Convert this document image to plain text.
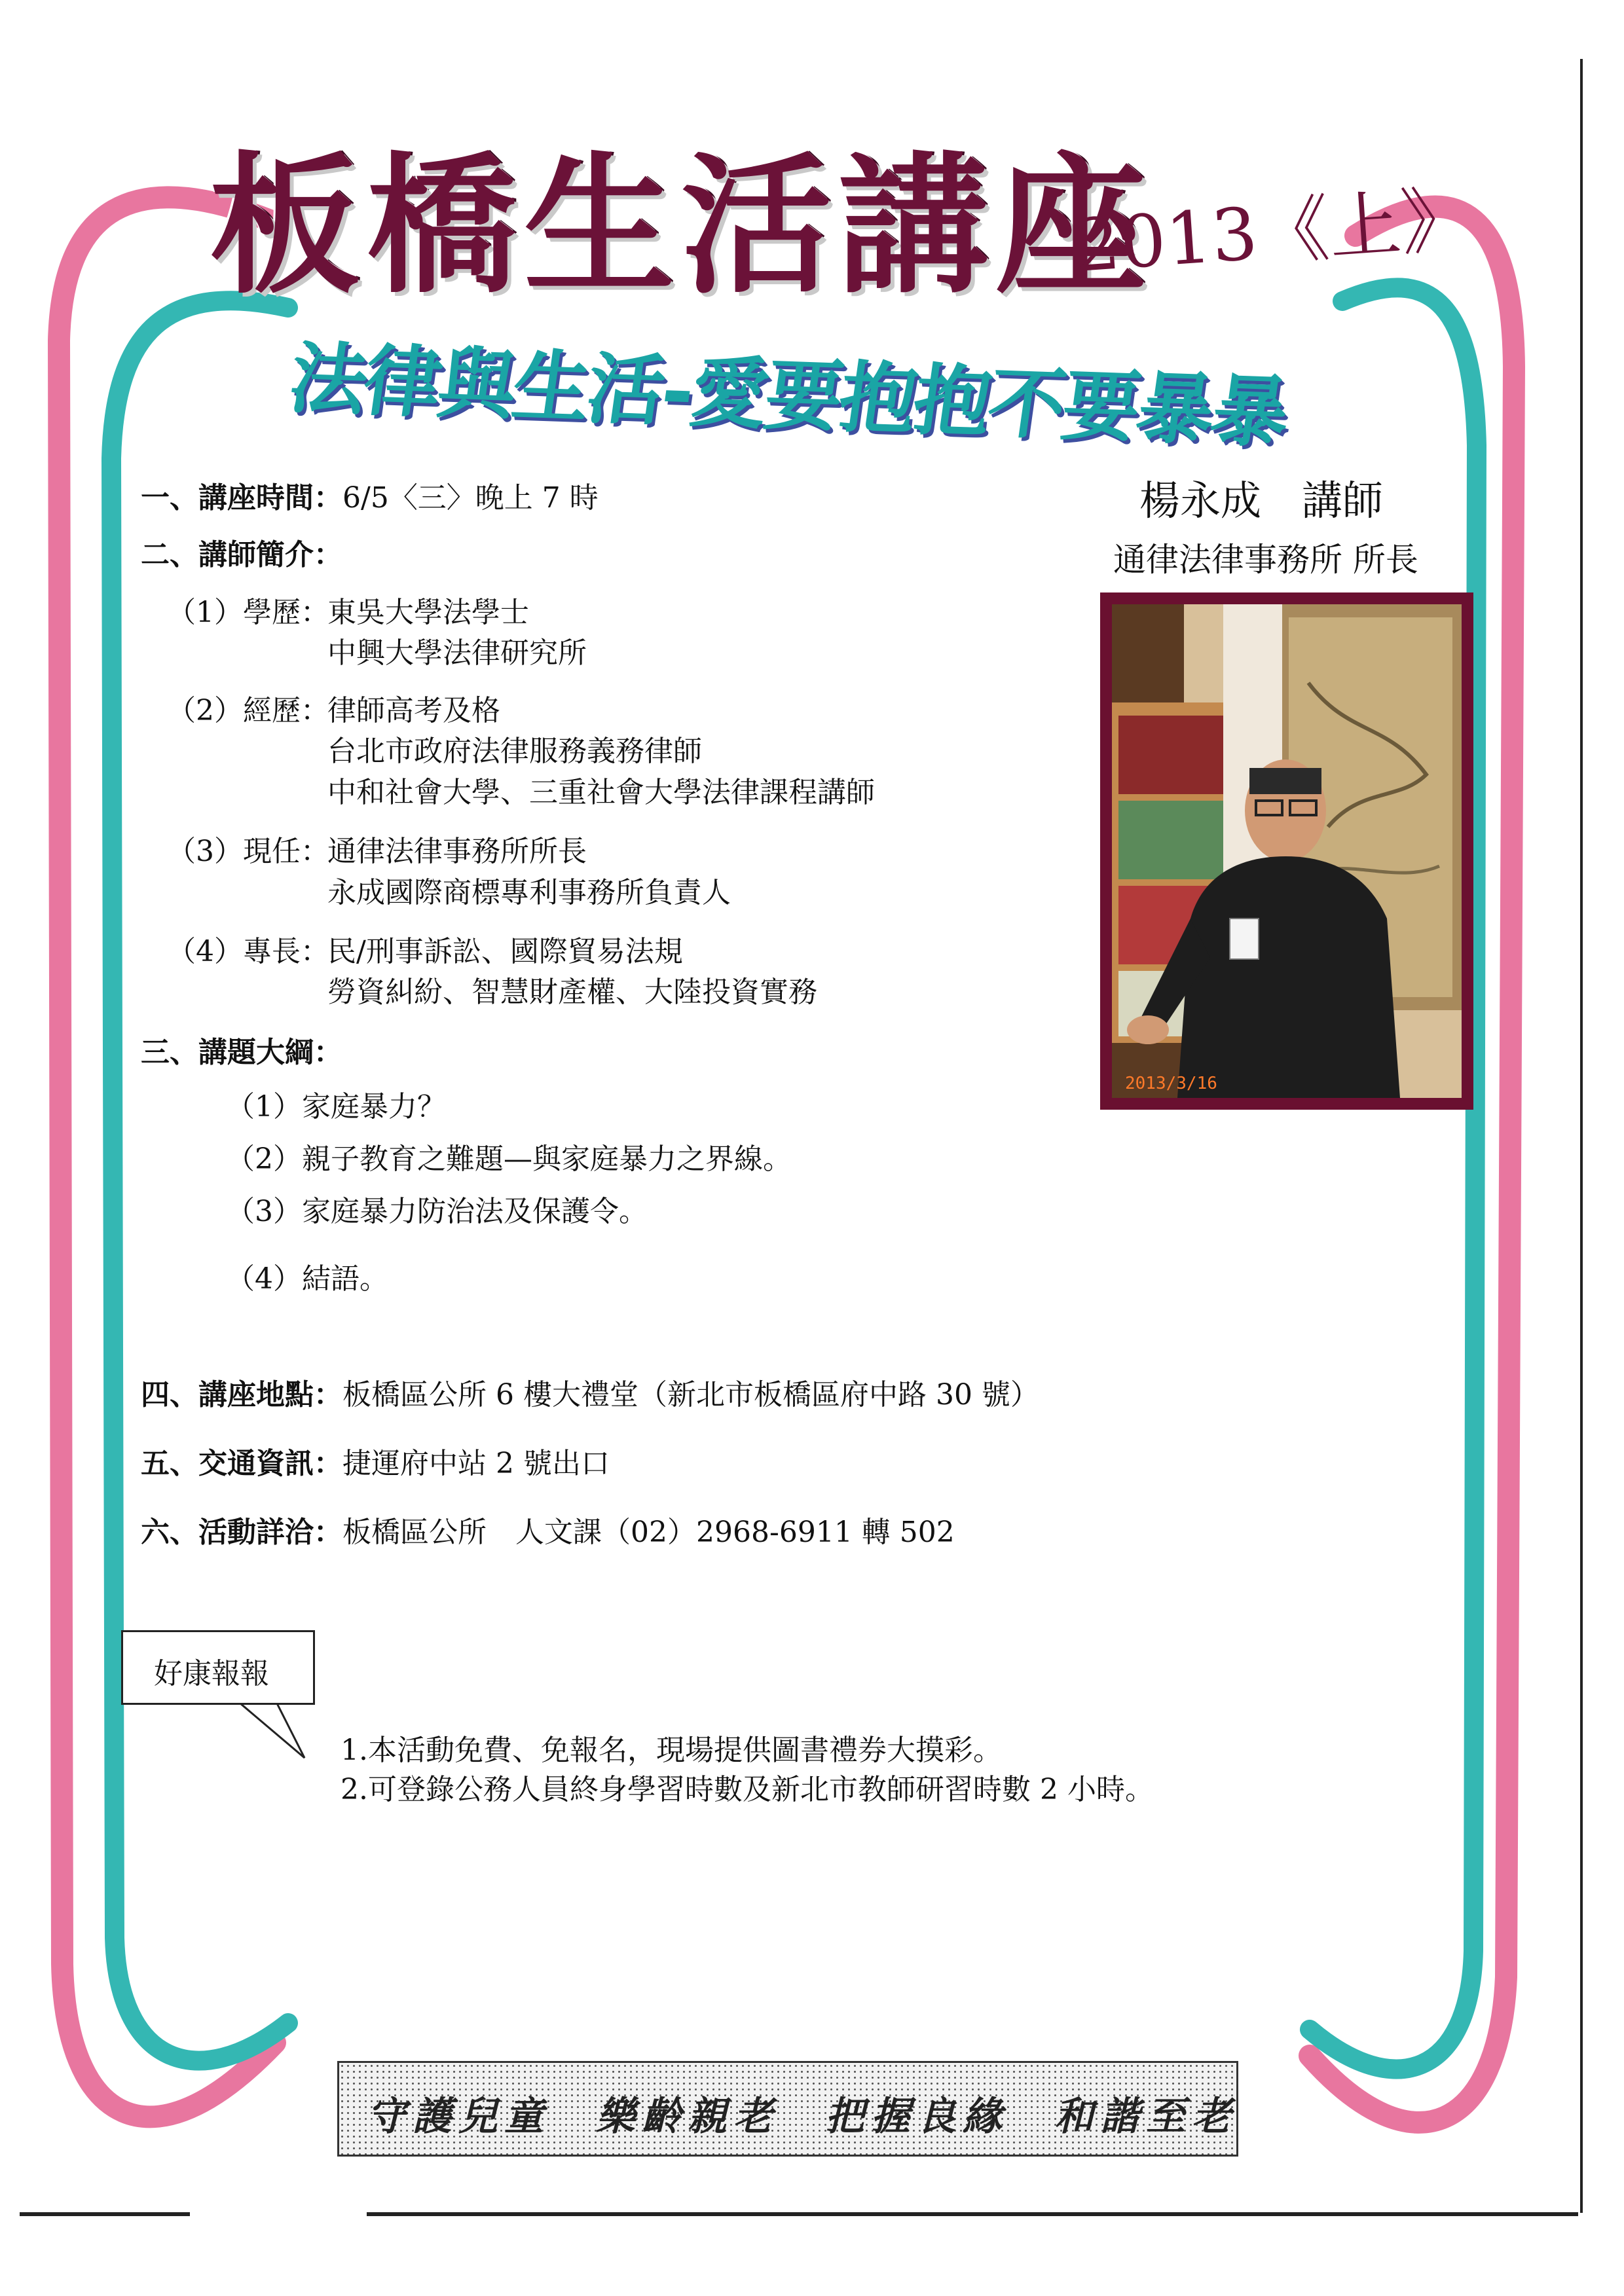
板橋生活講座
2013《上》
法律與生活-愛要抱抱不要暴暴
楊永成　講師
通律法律事務所 所長
2013/3/16
一、講座時間：6/5〈三〉晚上 7 時
二、講師簡介：
（1）學歷：
東吳大學法學士
中興大學法律研究所
（2）經歷：
律師高考及格
台北市政府法律服務義務律師
中和社會大學、三重社會大學法律課程講師
（3）現任：
通律法律事務所所長
永成國際商標專利事務所負責人
（4）專長：
民/刑事訴訟、國際貿易法規
勞資糾紛、智慧財產權、大陸投資實務
三、講題大綱：
（1）家庭暴力？
（2）親子教育之難題—與家庭暴力之界線。
（3）家庭暴力防治法及保護令。
（4）結語。
四、講座地點：板橋區公所 6 樓大禮堂（新北市板橋區府中路 30 號）
五、交通資訊：捷運府中站 2 號出口
六、活動詳洽：板橋區公所　人文課（02）2968-6911 轉 502
好康報報
1.本活動免費、免報名，現場提供圖書禮券大摸彩。
2.可登錄公務人員終身學習時數及新北市教師研習時數 2 小時。
守護兒童　樂齡親老　把握良緣　和諧至老
